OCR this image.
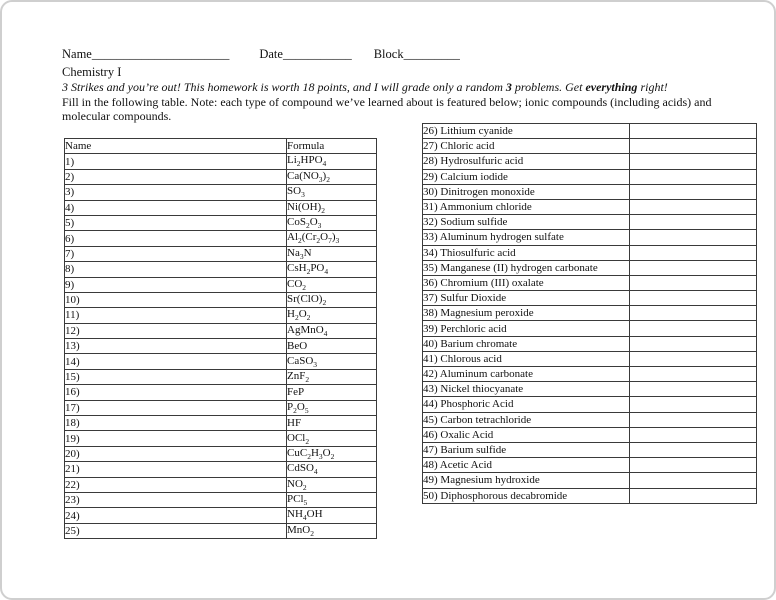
Name______________________ Date___________ Block_________
Chemistry I
3 Strikes and you’re out! This homework is worth 18 points, and I will grade only a random 3 problems. Get everything right!
Fill in the following table. Note: each type of compound we’ve learned about is featured below; ionic compounds (including acids) and molecular compounds.
Name	Formula
1)	$Li_2HPO_4$
2)	$Ca(NO_3)_2$
3)	$SO_3$
4)	$Ni(OH)_2$
5)	$CoS_2O_3$
6)	$Al_2(Cr_2O_7)_3$
7)	$Na_3N$
8)	$CsH_2PO_4$
9)	$CO_2$
10)	$Sr(ClO)_2$
11)	$H_2O_2$
12)	AgMnO$_4$
13)	BeO
14)	CaSO$_3$
15)	ZnF$_2$
16)	FeP
17)	$P_2O_5$
18)	HF
19)	OCl$_2$
20)	$CuC_2H_3O_2$
21)	CdSO$_4$
22)	$NO_2$
23)	PCl$_5$
24)	$NH_4OH$
25)	MnO$_2$
26) Lithium cyanide	
27) Chloric acid	
28) Hydrosulfuric acid	
29) Calcium iodide	
30) Dinitrogen monoxide	
31) Ammonium chloride	
32) Sodium sulfide	
33) Aluminum hydrogen sulfate	
34) Thiosulfuric acid	
35) Manganese (II) hydrogen carbonate	
36) Chromium (III) oxalate	
37) Sulfur Dioxide	
38) Magnesium peroxide	
39) Perchloric acid	
40) Barium chromate	
41) Chlorous acid	
42) Aluminum carbonate	
43) Nickel thiocyanate	
44) Phosphoric Acid	
45) Carbon tetrachloride	
46) Oxalic Acid	
47) Barium sulfide	
48) Acetic Acid	
49) Magnesium hydroxide	
50) Diphosphorous decabromide	
